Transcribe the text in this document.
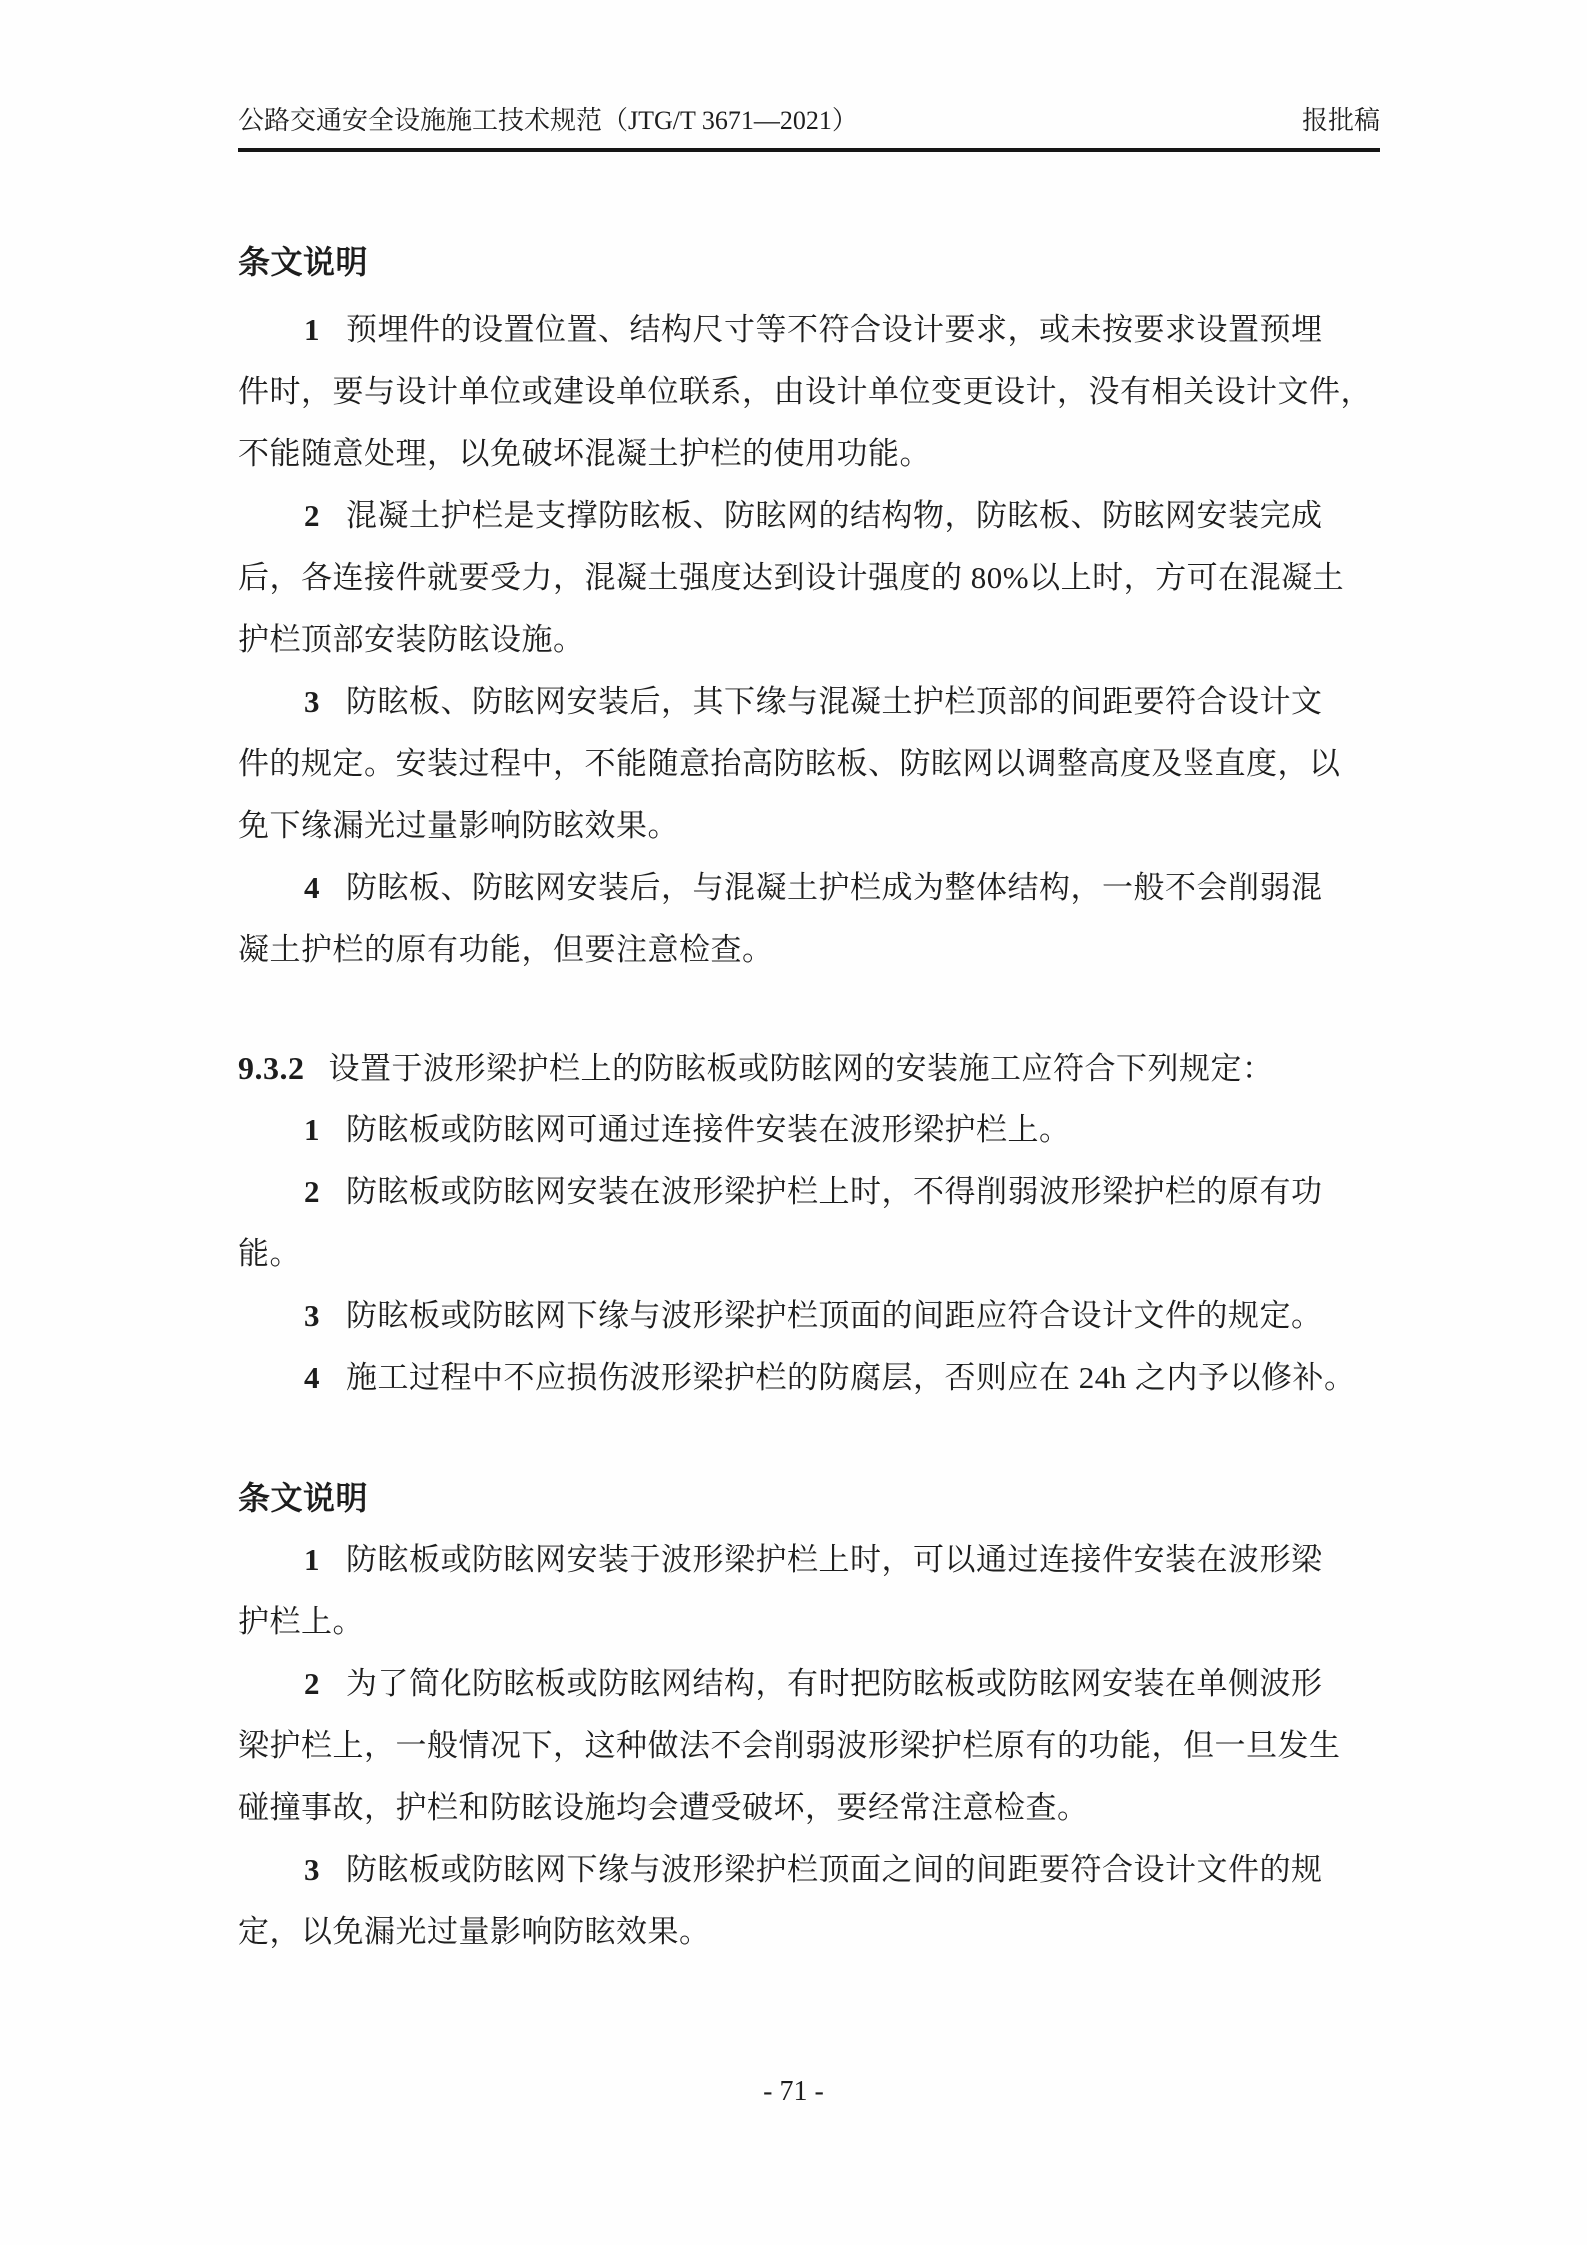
公路交通安全设施施工技术规范（JTG/T 3671—2021）	报批稿
条文说明
1 预埋件的设置位置、结构尺寸等不符合设计要求，或未按要求设置预埋
件时，要与设计单位或建设单位联系，由设计单位变更设计，没有相关设计文件，
不能随意处理，以免破坏混凝土护栏的使用功能。
2 混凝土护栏是支撑防眩板、防眩网的结构物，防眩板、防眩网安装完成
后，各连接件就要受力，混凝土强度达到设计强度的 80%以上时，方可在混凝土
护栏顶部安装防眩设施。
3 防眩板、防眩网安装后，其下缘与混凝土护栏顶部的间距要符合设计文
件的规定。安装过程中，不能随意抬高防眩板、防眩网以调整高度及竖直度，以
免下缘漏光过量影响防眩效果。
4 防眩板、防眩网安装后，与混凝土护栏成为整体结构，一般不会削弱混
凝土护栏的原有功能，但要注意检查。
9.3.2 设置于波形梁护栏上的防眩板或防眩网的安装施工应符合下列规定：
1 防眩板或防眩网可通过连接件安装在波形梁护栏上。
2 防眩板或防眩网安装在波形梁护栏上时，不得削弱波形梁护栏的原有功
能。
3 防眩板或防眩网下缘与波形梁护栏顶面的间距应符合设计文件的规定。
4 施工过程中不应损伤波形梁护栏的防腐层，否则应在 24h 之内予以修补。
条文说明
1 防眩板或防眩网安装于波形梁护栏上时，可以通过连接件安装在波形梁
护栏上。
2 为了简化防眩板或防眩网结构，有时把防眩板或防眩网安装在单侧波形
梁护栏上，一般情况下，这种做法不会削弱波形梁护栏原有的功能，但一旦发生
碰撞事故，护栏和防眩设施均会遭受破坏，要经常注意检查。
3 防眩板或防眩网下缘与波形梁护栏顶面之间的间距要符合设计文件的规
定，以免漏光过量影响防眩效果。
- 71 -
